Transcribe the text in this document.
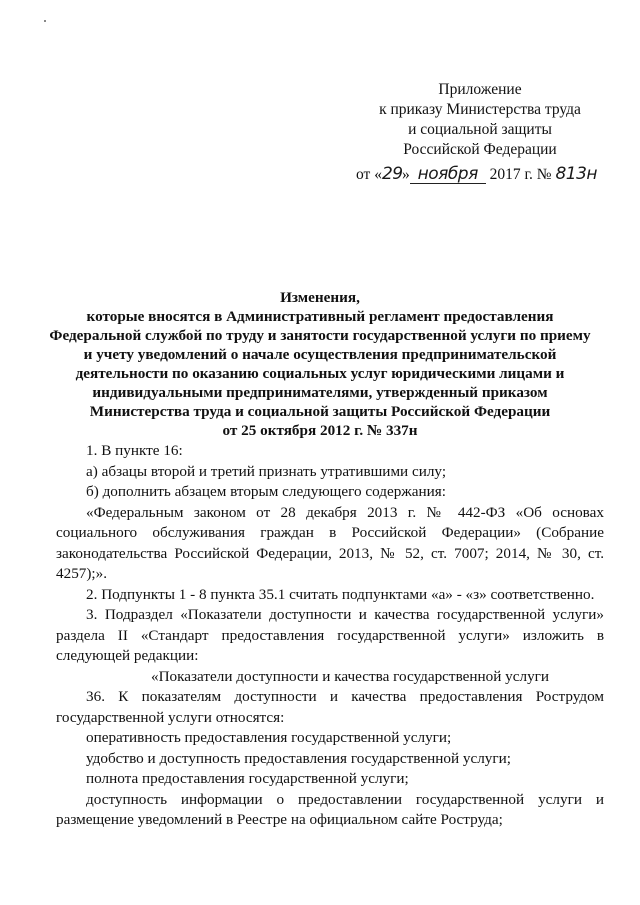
Приложение
к приказу Министерства труда
и социальной защиты
Российской Федерации
от «29» ноября 2017 г. № 813н
Изменения,
которые вносятся в Административный регламент предоставления
Федеральной службой по труду и занятости государственной услуги по приему
и учету уведомлений о начале осуществления предпринимательской
деятельности по оказанию социальных услуг юридическими лицами и
индивидуальными предпринимателями, утвержденный приказом
Министерства труда и социальной защиты Российской Федерации
от 25 октября 2012 г. № 337н

1. В пункте 16:

а) абзацы второй и третий признать утратившими силу;

б) дополнить абзацем вторым следующего содержания:

«Федеральным законом от 28 декабря 2013 г. № 442-ФЗ «Об основах социального обслуживания граждан в Российской Федерации» (Собрание законодательства Российской Федерации, 2013, № 52, ст. 7007; 2014, № 30, ст. 4257);».

2. Подпункты 1 - 8 пункта 35.1 считать подпунктами «а» - «з» соответственно.

3. Подраздел «Показатели доступности и качества государственной услуги» раздела II «Стандарт предоставления государственной услуги» изложить в следующей редакции:

«Показатели доступности и качества государственной услуги

36. К показателям доступности и качества предоставления Рострудом государственной услуги относятся:

оперативность предоставления государственной услуги;

удобство и доступность предоставления государственной услуги;

полнота предоставления государственной услуги;

доступность информации о предоставлении государственной услуги и размещение уведомлений в Реестре на официальном сайте Роструда;
